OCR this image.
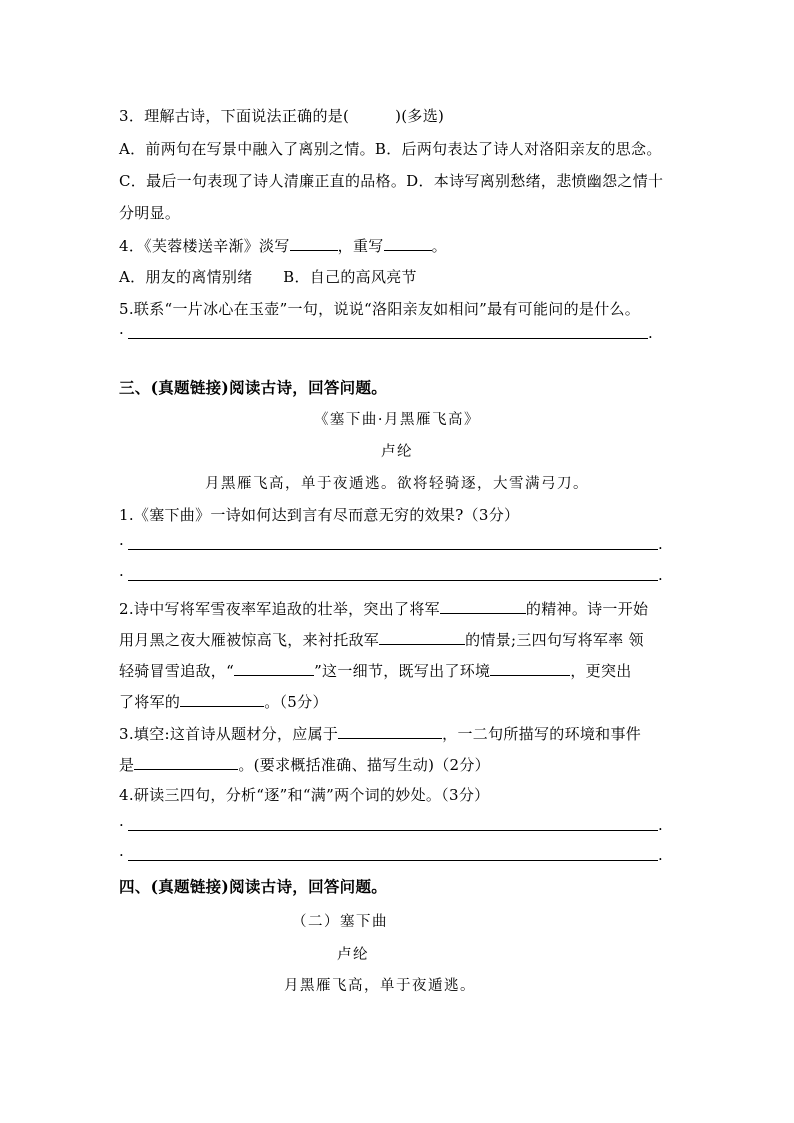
3．理解古诗，下面说法正确的是(　　　)(多选)
A．前两句在写景中融入了离别之情。B．后两句表达了诗人对洛阳亲友的思念。
C．最后一句表现了诗人清廉正直的品格。D．本诗写离别愁绪，悲愤幽怨之情十
分明显。
4．《芙蓉楼送辛渐》淡写	，重写	。
A．朋友的离情别绪　　B．自己的高风亮节
5.联系“一片冰心在玉壶”一句，说说“洛阳亲友如相问”最有可能问的是什么。
·	.
三、(真题链接)阅读古诗，回答问题。
《塞下曲·月黑雁飞高》
卢纶
月黑雁飞高，单于夜遁逃。欲将轻骑逐，大雪满弓刀。
1.《塞下曲》一诗如何达到言有尽而意无穷的效果?（3分）
·	.
·	.
2.诗中写将军雪夜率军追敌的壮举，突出了将军	的精神。诗一开始
用月黑之夜大雁被惊高飞，来衬托敌军	的情景;三四句写将军率 领
轻骑冒雪追敌，“	”这一细节，既写出了环境	，更突出
了将军的	。（5分）
3.填空:这首诗从题材分，应属于	，一二句所描写的环境和事件
是	。(要求概括准确、描写生动)（2分）
4.研读三四句，分析“逐”和“满”两个词的妙处。（3分）
·	.
·	.
四、(真题链接)阅读古诗，回答问题。
（二）塞下曲
卢纶
月黑雁飞高，单于夜遁逃。
